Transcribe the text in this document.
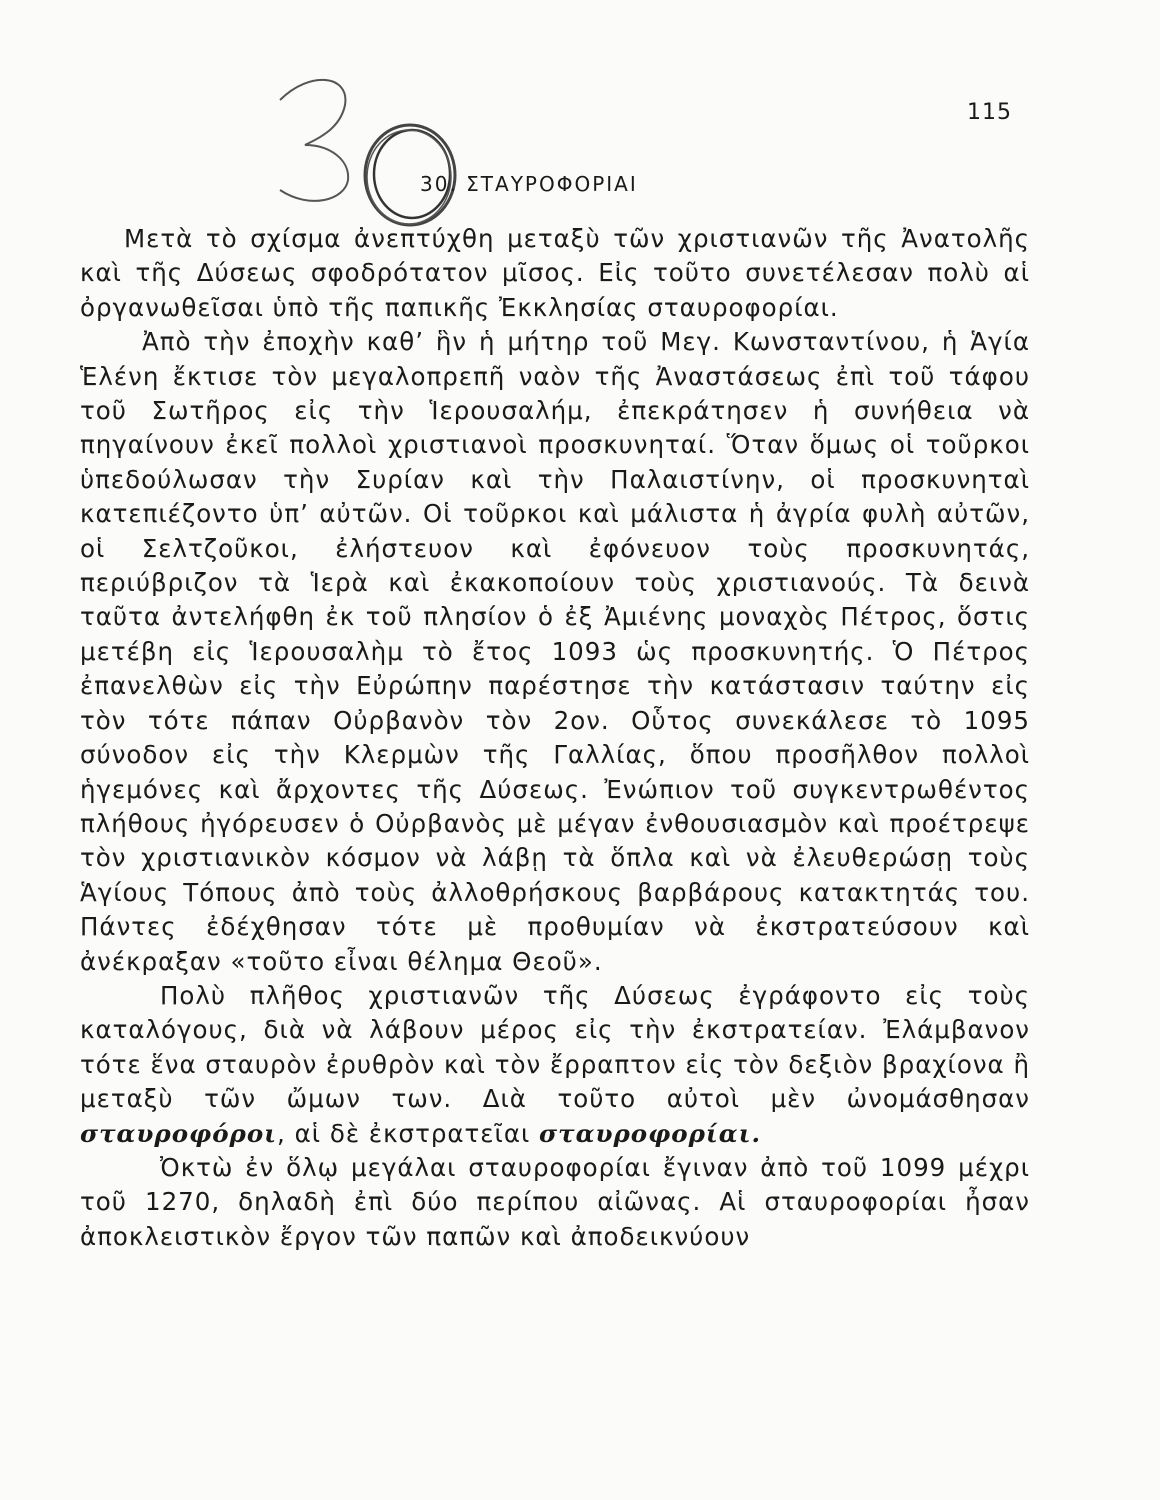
115
30. ΣΤΑΥΡΟΦΟΡΙΑΙ

Μετὰ τὸ σχίσμα ἀνεπτύχθη μεταξὺ τῶν χριστιανῶν τῆς Ἀνατολῆς καὶ τῆς Δύσεως σφοδρότατον μῖσος. Εἰς τοῦτο συνετέλεσαν πολὺ αἱ ὀργανωθεῖσαι ὑπὸ τῆς παπικῆς Ἐκκλησίας σταυροφορίαι.

Ἀπὸ τὴν ἐποχὴν καθ’ ἣν ἡ μήτηρ τοῦ Μεγ. Κωνσταντίνου, ἡ Ἁγία Ἑλένη ἔκτισε τὸν μεγαλοπρεπῆ ναὸν τῆς Ἀναστάσεως ἐπὶ τοῦ τάφου τοῦ Σωτῆρος εἰς τὴν Ἱερουσαλήμ, ἐπεκράτησεν ἡ συνήθεια νὰ πηγαίνουν ἐκεῖ πολλοὶ χριστιανοὶ προσκυνηταί. Ὅταν ὅμως οἱ τοῦρκοι ὑπεδούλωσαν τὴν Συρίαν καὶ τὴν Παλαιστίνην, οἱ προσκυνηταὶ κατεπιέζοντο ὑπ’ αὐτῶν. Οἱ τοῦρκοι καὶ μάλιστα ἡ ἀγρία φυλὴ αὐτῶν, οἱ Σελτζοῦκοι, ἐλήστευον καὶ ἐφόνευον τοὺς προσκυνητάς, περιύβριζον τὰ Ἱερὰ καὶ ἐκακοποίουν τοὺς χριστιανούς. Τὰ δεινὰ ταῦτα ἀντελήφθη ἐκ τοῦ πλησίον ὁ ἐξ Ἀμιένης μοναχὸς Πέτρος, ὅστις μετέβη εἰς Ἱερουσαλὴμ τὸ ἔτος 1093 ὡς προσκυνητής. Ὁ Πέτρος ἐπανελθὼν εἰς τὴν Εὐρώπην παρέστησε τὴν κατάστασιν ταύτην εἰς τὸν τότε πάπαν Οὐρβανὸν τὸν 2ον. Οὗτος συνεκάλεσε τὸ 1095 σύνοδον εἰς τὴν Κλερμὼν τῆς Γαλλίας, ὅπου προσῆλθον πολλοὶ ἡγεμόνες καὶ ἄρχοντες τῆς Δύσεως. Ἐνώπιον τοῦ συγκεντρωθέντος πλήθους ἠγόρευσεν ὁ Οὐρβανὸς μὲ μέγαν ἐνθουσιασμὸν καὶ προέτρεψε τὸν χριστιανικὸν κόσμον νὰ λάβῃ τὰ ὅπλα καὶ νὰ ἐλευθερώσῃ τοὺς Ἁγίους Τόπους ἀπὸ τοὺς ἀλλοθρήσκους βαρβάρους κατακτητάς του. Πάντες ἐδέχθησαν τότε μὲ προθυμίαν νὰ ἐκστρατεύσουν καὶ ἀνέκραξαν «τοῦτο εἶναι θέλημα Θεοῦ».

Πολὺ πλῆθος χριστιανῶν τῆς Δύσεως ἐγράφοντο εἰς τοὺς καταλόγους, διὰ νὰ λάβουν μέρος εἰς τὴν ἐκστρατείαν. Ἐλάμβανον τότε ἕνα σταυρὸν ἐρυθρὸν καὶ τὸν ἔρραπτον εἰς τὸν δεξιὸν βραχίονα ἢ μεταξὺ τῶν ὤμων των. Διὰ τοῦτο αὐτοὶ μὲν ὠνομάσθησαν σταυροφόροι, αἱ δὲ ἐκστρατεῖαι σταυροφορίαι.

Ὀκτὼ ἐν ὅλῳ μεγάλαι σταυροφορίαι ἔγιναν ἀπὸ τοῦ 1099 μέχρι τοῦ 1270, δηλαδὴ ἐπὶ δύο περίπου αἰῶνας. Αἱ σταυροφορίαι ἦσαν ἀποκλειστικὸν ἔργον τῶν παπῶν καὶ ἀποδεικνύουν
